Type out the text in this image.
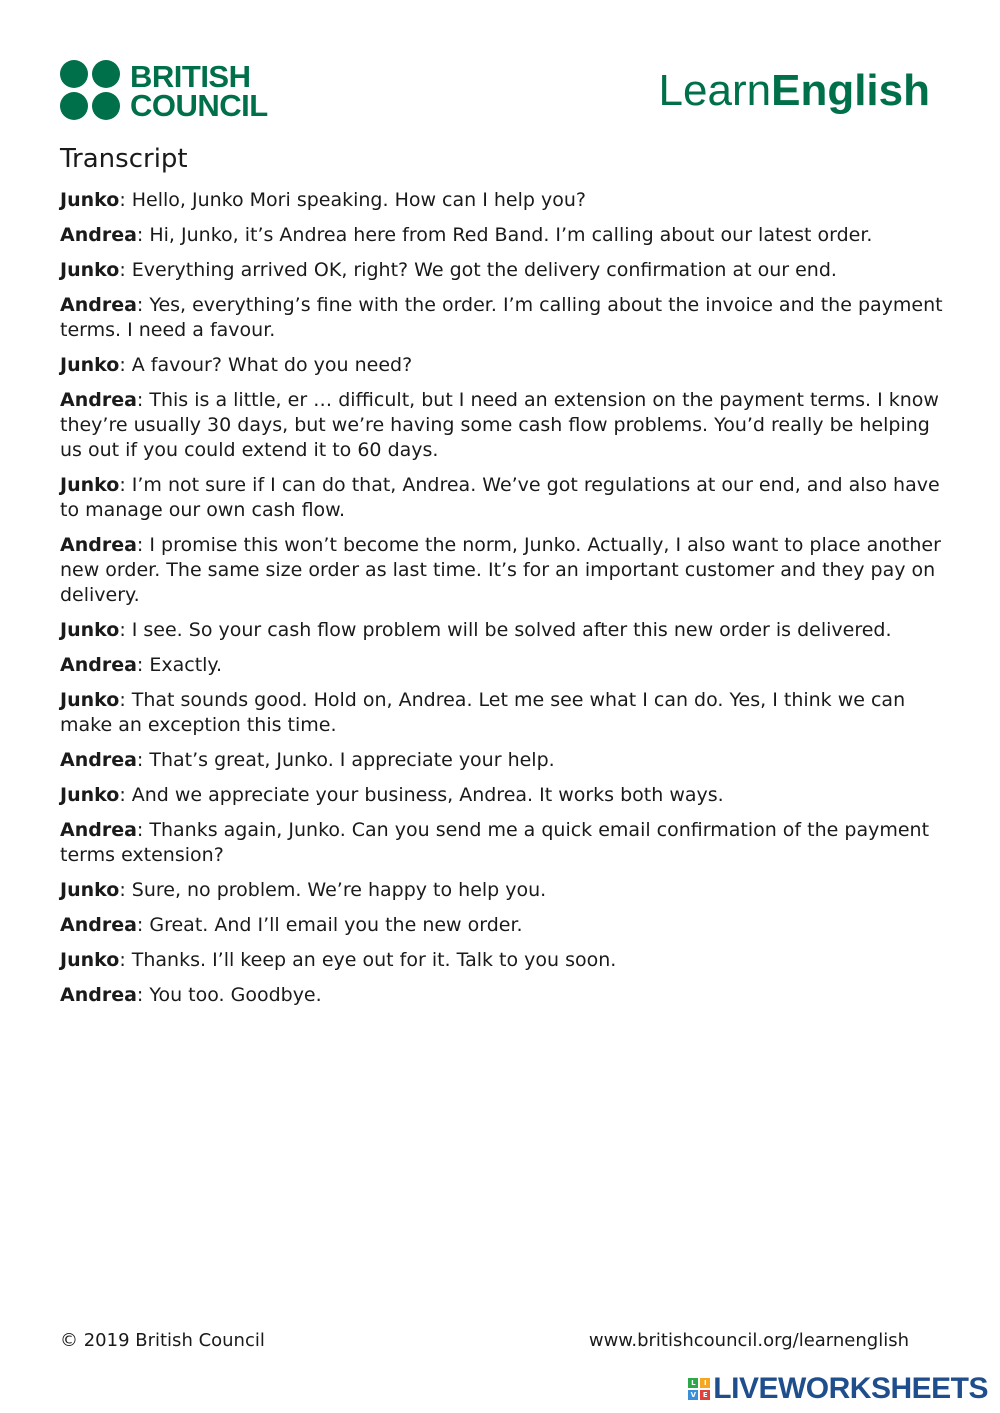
BRITISH
COUNCIL	LearnEnglish
Transcript

Junko: Hello, Junko Mori speaking. How can I help you?

Andrea: Hi, Junko, it’s Andrea here from Red Band. I’m calling about our latest order.

Junko: Everything arrived OK, right? We got the delivery confirmation at our end.

Andrea: Yes, everything’s fine with the order. I’m calling about the invoice and the payment terms. I need a favour.

Junko: A favour? What do you need?

Andrea: This is a little, er … difficult, but I need an extension on the payment terms. I know they’re usually 30 days, but we’re having some cash flow problems. You’d really be helping us out if you could extend it to 60 days.

Junko: I’m not sure if I can do that, Andrea. We’ve got regulations at our end, and also have to manage our own cash flow.

Andrea: I promise this won’t become the norm, Junko. Actually, I also want to place another new order. The same size order as last time. It’s for an important customer and they pay on delivery.

Junko: I see. So your cash flow problem will be solved after this new order is delivered.

Andrea: Exactly.

Junko: That sounds good. Hold on, Andrea. Let me see what I can do. Yes, I think we can make an exception this time.

Andrea: That’s great, Junko. I appreciate your help.

Junko: And we appreciate your business, Andrea. It works both ways.

Andrea: Thanks again, Junko. Can you send me a quick email confirmation of the payment terms extension?

Junko: Sure, no problem. We’re happy to help you.

Andrea: Great. And I’ll email you the new order.

Junko: Thanks. I’ll keep an eye out for it. Talk to you soon.

Andrea: You too. Goodbye.

© 2019 British Council	www.britishcouncil.org/learnenglish
L	I
V E LIVEWORKSHEETS
